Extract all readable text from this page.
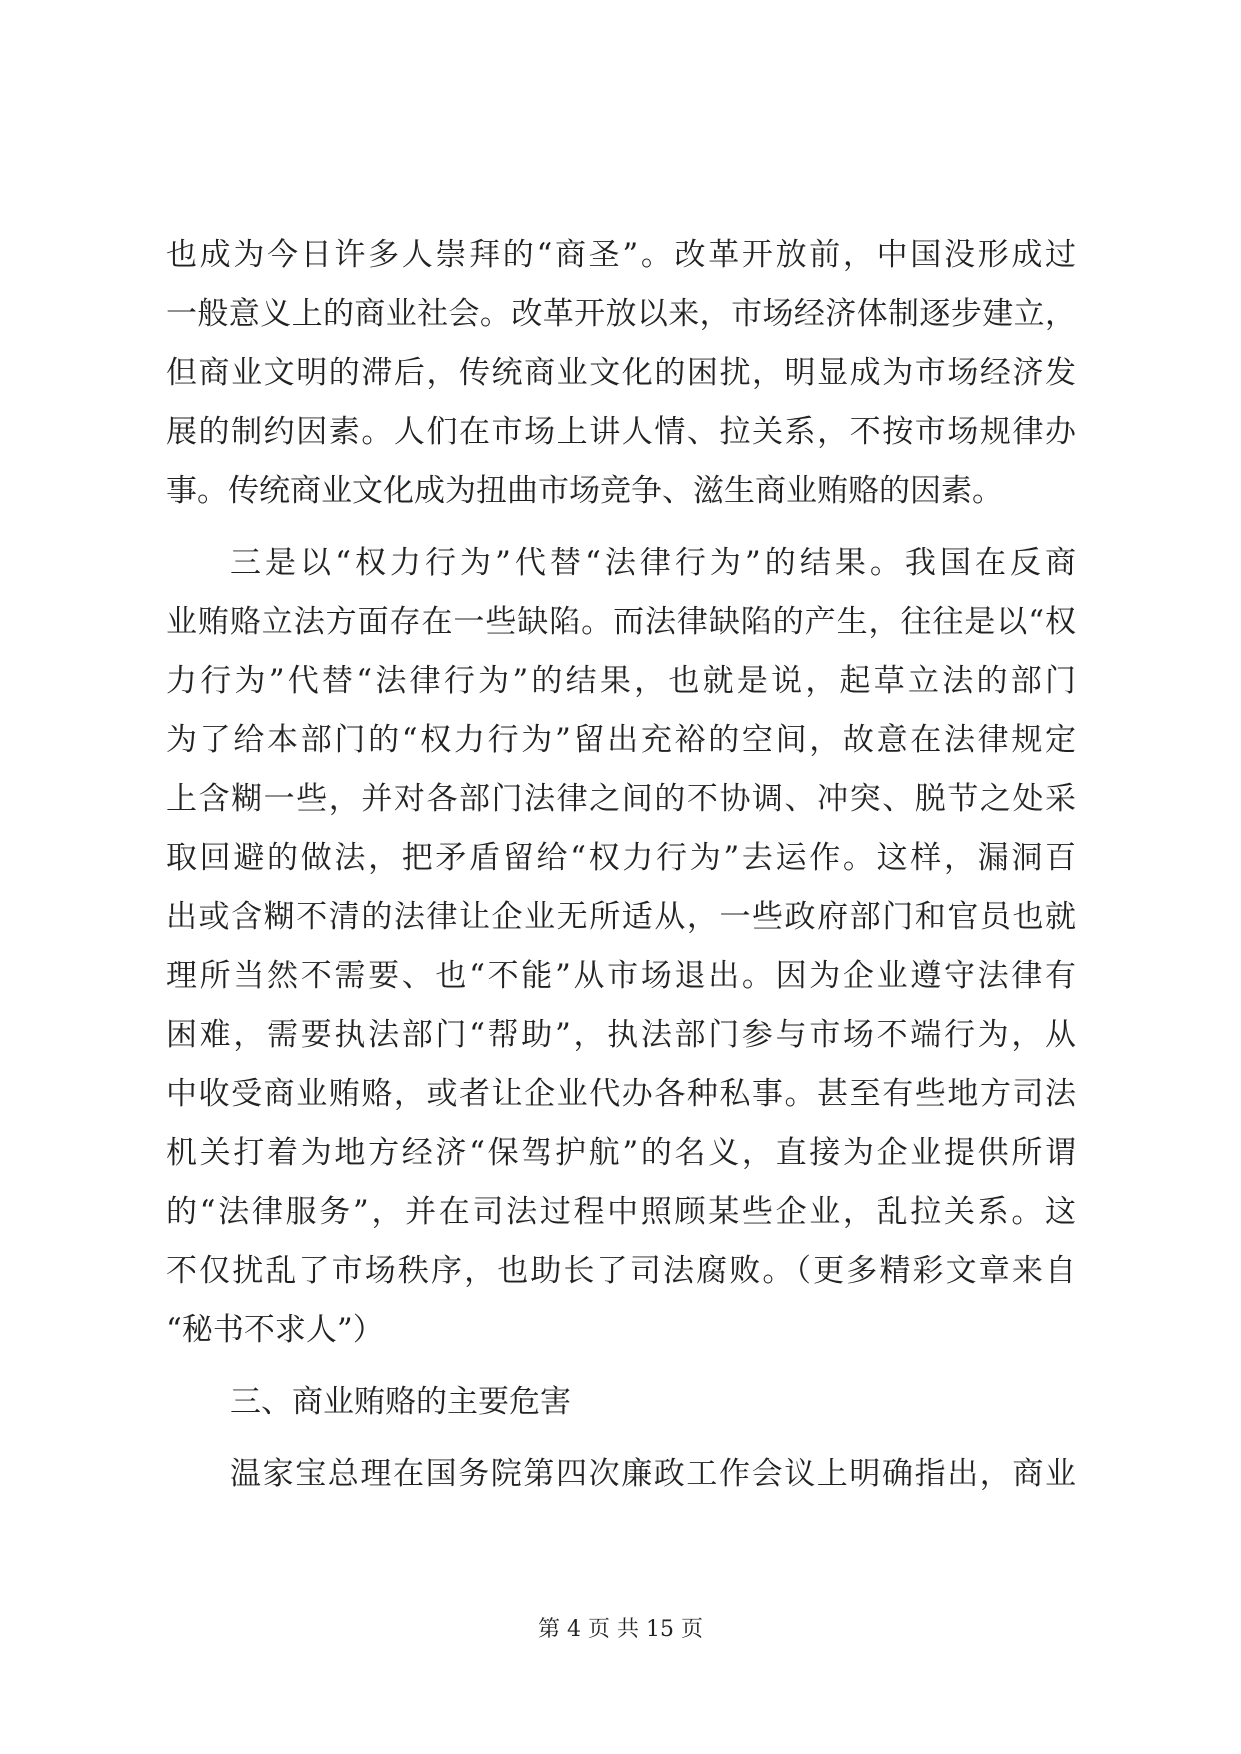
也成为今日许多人崇拜的“商圣”。改革开放前，中国没形成过
一般意义上的商业社会。改革开放以来，市场经济体制逐步建立，
但商业文明的滞后，传统商业文化的困扰，明显成为市场经济发
展的制约因素。人们在市场上讲人情、拉关系，不按市场规律办
事。传统商业文化成为扭曲市场竞争、滋生商业贿赂的因素。
三是以“权力行为”代替“法律行为”的结果。我国在反商
业贿赂立法方面存在一些缺陷。而法律缺陷的产生，往往是以“权
力行为”代替“法律行为”的结果，也就是说，起草立法的部门
为了给本部门的“权力行为”留出充裕的空间，故意在法律规定
上含糊一些，并对各部门法律之间的不协调、冲突、脱节之处采
取回避的做法，把矛盾留给“权力行为”去运作。这样，漏洞百
出或含糊不清的法律让企业无所适从，一些政府部门和官员也就
理所当然不需要、也“不能”从市场退出。因为企业遵守法律有
困难，需要执法部门“帮助”，执法部门参与市场不端行为，从
中收受商业贿赂，或者让企业代办各种私事。甚至有些地方司法
机关打着为地方经济“保驾护航”的名义，直接为企业提供所谓
的“法律服务”，并在司法过程中照顾某些企业，乱拉关系。这
不仅扰乱了市场秩序，也助长了司法腐败。（更多精彩文章来自
“秘书不求人”）
三、商业贿赂的主要危害
温家宝总理在国务院第四次廉政工作会议上明确指出，商业
第 4 页 共 15 页
